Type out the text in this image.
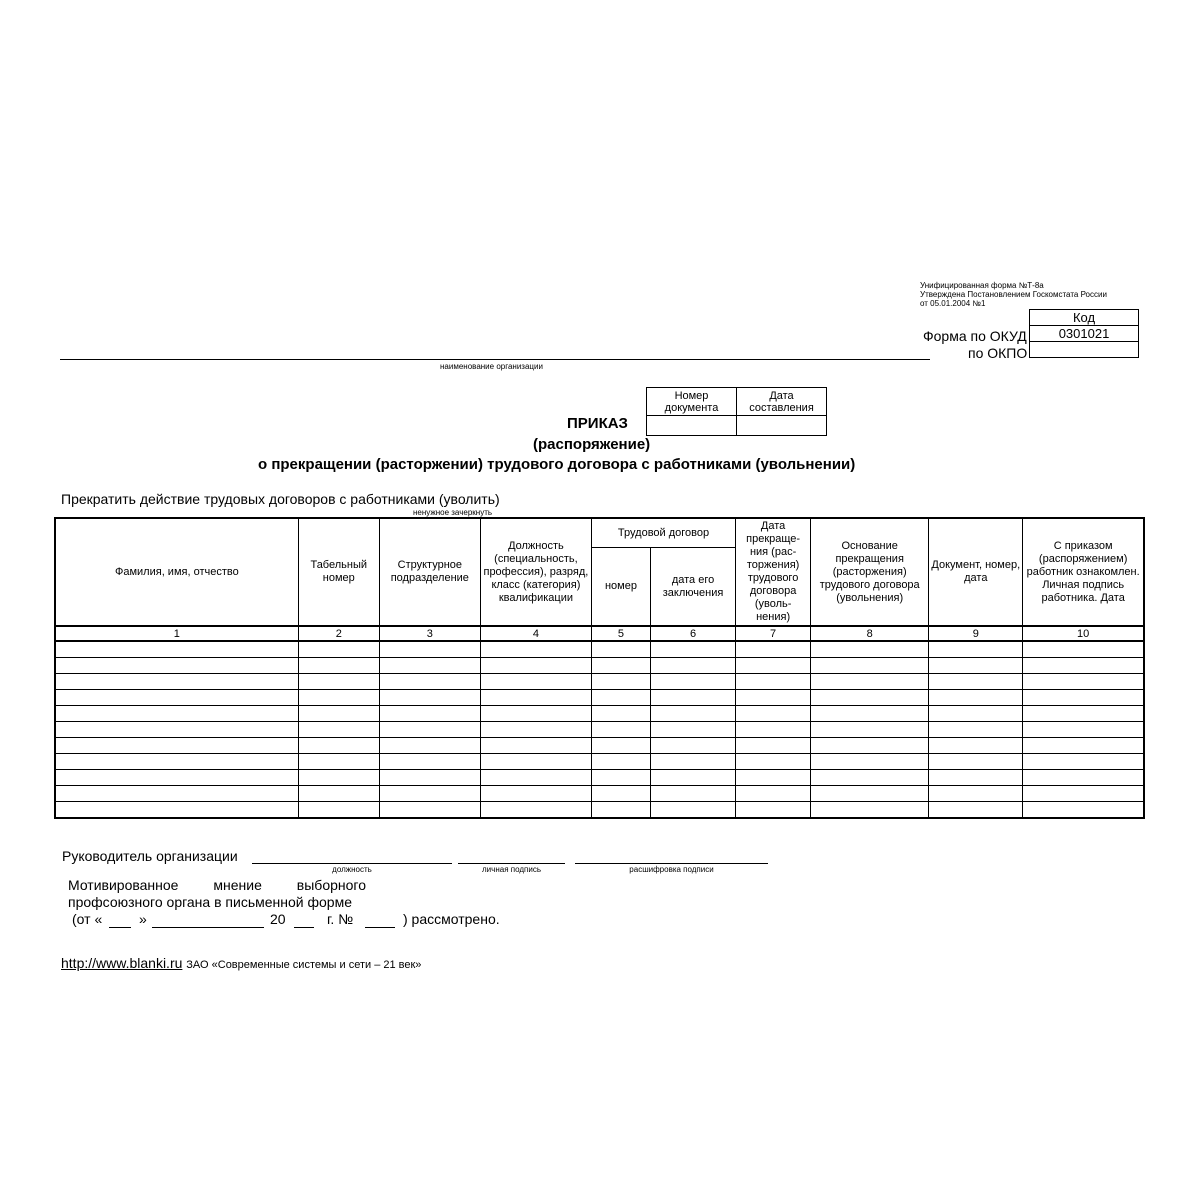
Унифицированная форма №Т-8а
Утверждена Постановлением Госкомстата России
от 05.01.2004 №1
Код
0301021

Форма по ОКУД
по ОКПО
наименование организации
Номер документа	Дата составления

ПРИКАЗ
(распоряжение)
о прекращении (расторжении) трудового договора с работниками (увольнении)
Прекратить действие трудовых договоров с работниками (уволить)
ненужное зачеркнуть
Фамилия, имя, отчество	Табельный номер	Структурное подразделение	Должность (специальность, профессия), разряд, класс (категория) квалификации	Трудовой договор		Дата прекраще-ния (рас-торжения) трудового договора (уволь-нения)	Основание прекращения (расторжения) трудового договора (увольнения)	Документ, номер, дата	С приказом (распоряжением) работник ознакомлен. Личная подпись работника. Дата
				номер	дата его заключения				
1	2	3	4	5	6	7	8	9	10

Руководитель организации
должность	личная подпись	расшифровка подписи
Мотивированное мнение выборного
профсоюзного органа в письменной форме
(от «	»	20	г. №	) рассмотрено.
http://www.blanki.ru ЗАО «Современные системы и сети – 21 век»
